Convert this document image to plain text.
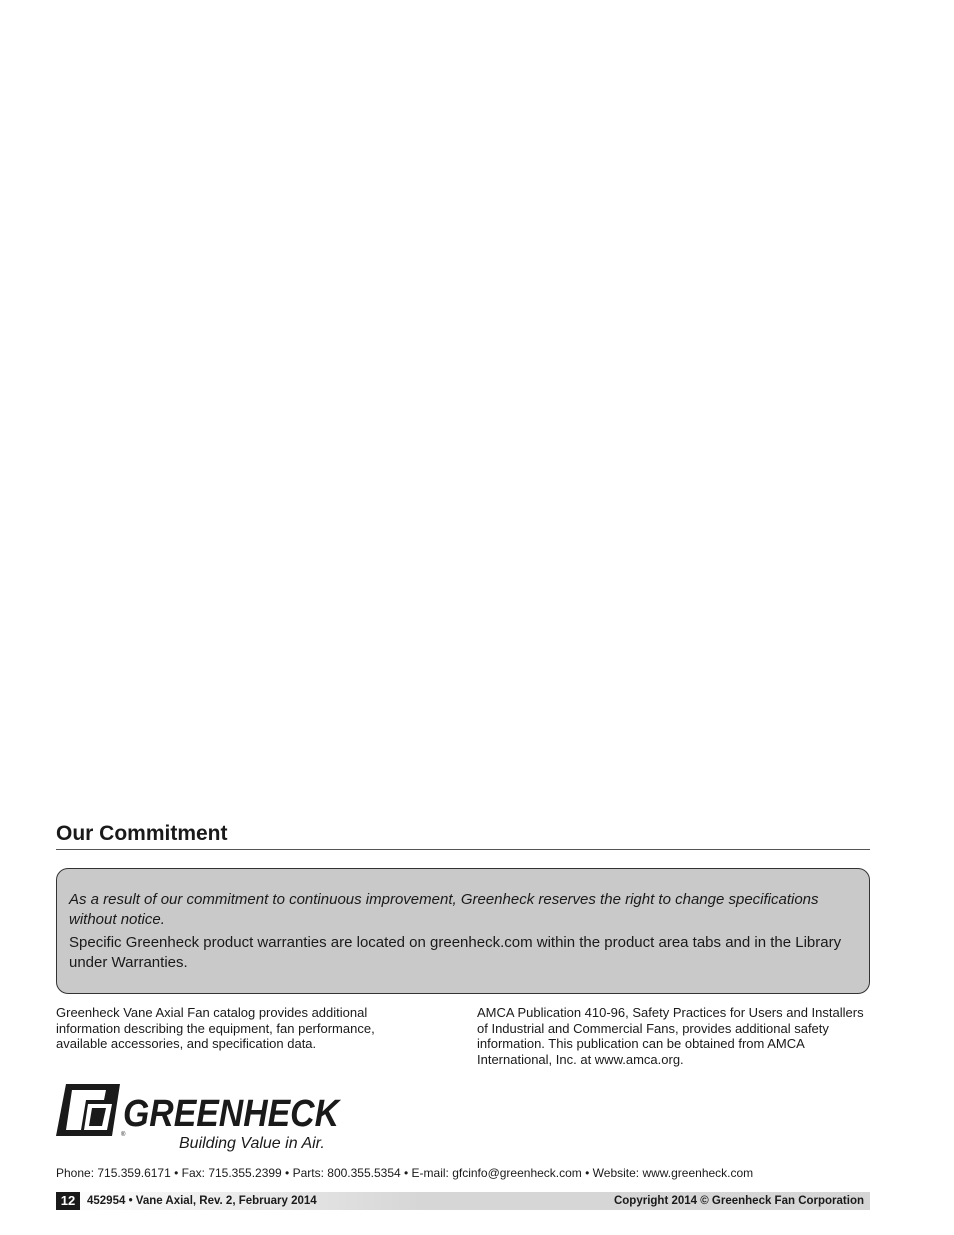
Our Commitment

As a result of our commitment to continuous improvement, Greenheck reserves the right to change specifications without notice.

Specific Greenheck product warranties are located on greenheck.com within the product area tabs and in the Library under Warranties.

Greenheck Vane Axial Fan catalog provides additional information describing the equipment, fan performance, available accessories, and specification data.

AMCA Publication 410-96, Safety Practices for Users and Installers of Industrial and Commercial Fans, provides additional safety information. This publication can be obtained from AMCA International, Inc. at www.amca.org.

®
GREENHECK
Building Value in Air.

Phone: 715.359.6171 • Fax: 715.355.2399 • Parts: 800.355.5354 • E-mail: gfcinfo@greenheck.com • Website: www.greenheck.com

12	452954 • Vane Axial, Rev. 2, February 2014	Copyright 2014 © Greenheck Fan Corporation
